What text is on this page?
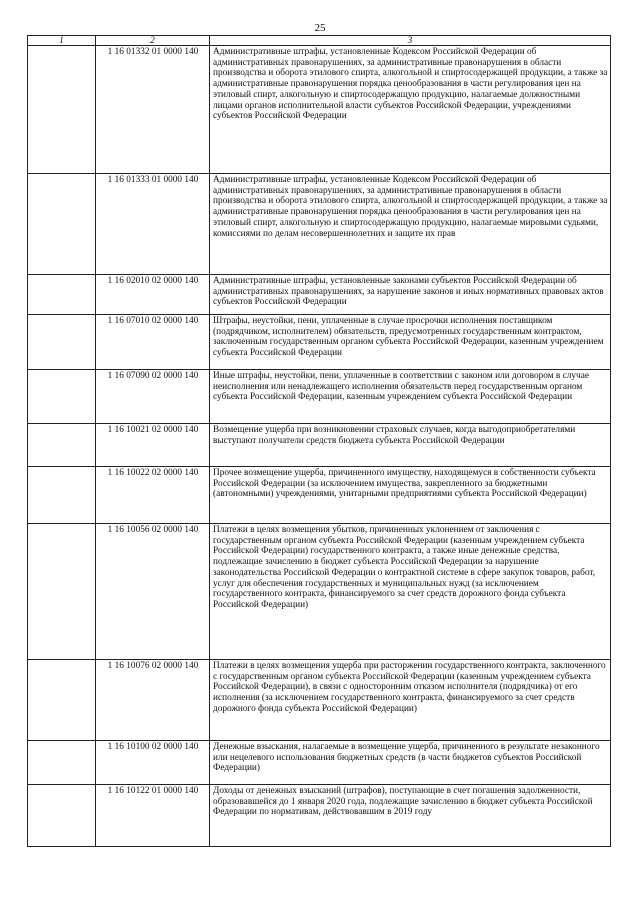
25
1	2	3
	1 16 01332 01 0000 140	Административные штрафы, установленные Кодексом Российской Федерации об административных правонарушениях, за административные правонарушения в области производства и оборота этилового спирта, алкогольной и спиртосодержащей продукции, а также за административные правонарушения порядка ценообразования в части регулирования цен на этиловый спирт, алкогольную и спиртосодержащую продукцию, налагаемые должностными лицами органов исполнительной власти субъектов Российской Федерации, учреждениями субъектов Российской Федерации
	1 16 01333 01 0000 140	Административные штрафы, установленные Кодексом Российской Федерации об административных правонарушениях, за административные правонарушения в области производства и оборота этилового спирта, алкогольной и спиртосодержащей продукции, а также за административные правонарушения порядка ценообразования в части регулирования цен на этиловый спирт, алкогольную и спиртосодержащую продукцию, налагаемые мировыми судьями, комиссиями по делам несовершеннолетних и защите их прав
	1 16 02010 02 0000 140	Административные штрафы, установленные законами субъектов Российской Федерации об административных правонарушениях, за нарушение законов и иных нормативных правовых актов субъектов Российской Федерации
	1 16 07010 02 0000 140	Штрафы, неустойки, пени, уплаченные в случае просрочки исполнения поставщиком (подрядчиком, исполнителем) обязательств, предусмотренных государственным контрактом, заключенным государственным органом субъекта Российской Федерации, казенным учреждением субъекта Российской Федерации
	1 16 07090 02 0000 140	Иные штрафы, неустойки, пени, уплаченные в соответствии с законом или договором в случае неисполнения или ненадлежащего исполнения обязательств перед государственным органом субъекта Российской Федерации, казенным учреждением субъекта Российской Федерации
	1 16 10021 02 0000 140	Возмещение ущерба при возникновении страховых случаев, когда выгодоприобретателями выступают получатели средств бюджета субъекта Российской Федерации
	1 16 10022 02 0000 140	Прочее возмещение ущерба, причиненного имуществу, находящемуся в собственности субъекта Российской Федерации (за исключением имущества, закрепленного за бюджетными (автономными) учреждениями, унитарными предприятиями субъекта Российской Федерации)
	1 16 10056 02 0000 140	Платежи в целях возмещения убытков, причиненных уклонением от заключения с государственным органом субъекта Российской Федерации (казенным учреждением субъекта Российской Федерации) государственного контракта, а также иные денежные средства, подлежащие зачислению в бюджет субъекта Российской Федерации за нарушение законодательства Российской Федерации о контрактной системе в сфере закупок товаров, работ, услуг для обеспечения государственных и муниципальных нужд (за исключением государственного контракта, финансируемого за счет средств дорожного фонда субъекта Российской Федерации)
	1 16 10076 02 0000 140	Платежи в целях возмещения ущерба при расторжении государственного контракта, заключенного с государственным органом субъекта Российской Федерации (казенным учреждением субъекта Российской Федерации), в связи с односторонним отказом исполнителя (подрядчика) от его исполнения (за исключением государственного контракта, финансируемого за счет средств дорожного фонда субъекта Российской Федерации)
	1 16 10100 02 0000 140	Денежные взыскания, налагаемые в возмещение ущерба, причиненного в результате незаконного или нецелевого использования бюджетных средств (в части бюджетов субъектов Российской Федерации)
	1 16 10122 01 0000 140	Доходы от денежных взысканий (штрафов), поступающие в счет погашения задолженности, образовавшейся до 1 января 2020 года, подлежащие зачислению в бюджет субъекта Российской Федерации по нормативам, действовавшим в 2019 году
